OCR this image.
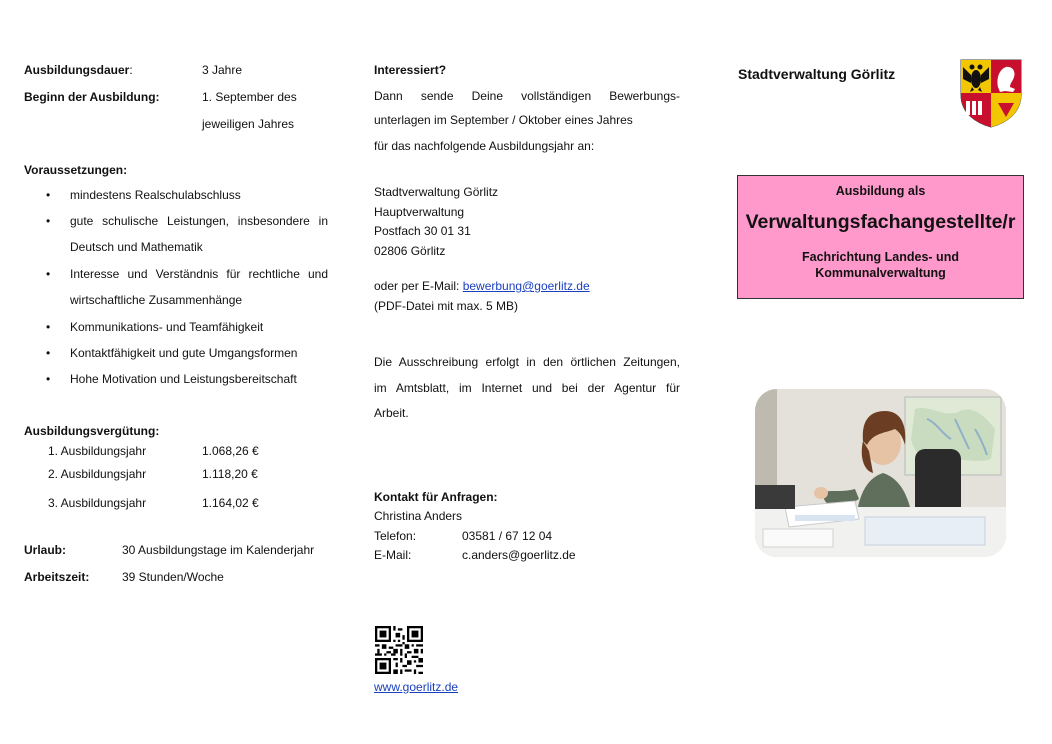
Ausbildungsdauer:	3 Jahre
Beginn der Ausbildung:	1. September des
jeweiligen Jahres
Voraussetzungen:
• mindestens Realschulabschluss
• gute schulische Leistungen, insbesondere in Deutsch und Mathematik
• Interesse und Verständnis für rechtliche und wirtschaftliche Zusammenhänge
• Kommunikations- und Teamfähigkeit
• Kontaktfähigkeit und gute Umgangsformen
• Hohe Motivation und Leistungsbereitschaft
Ausbildungsvergütung:
1. Ausbildungsjahr	1.068,26 €
2. Ausbildungsjahr	1.118,20 €
3. Ausbildungsjahr	1.164,02 €
Urlaub:	30 Ausbildungstage im Kalenderjahr
Arbeitszeit:	39 Stunden/Woche
Interessiert?
Dann sende Deine vollständigen Bewerbungs-
unterlagen im September / Oktober eines Jahres
für das nachfolgende Ausbildungsjahr an:
Stadtverwaltung Görlitz
Hauptverwaltung
Postfach 30 01 31
02806 Görlitz
oder per E-Mail: bewerbung@goerlitz.de
(PDF-Datei mit max. 5 MB)
Die Ausschreibung erfolgt in den örtlichen Zeitungen,
im Amtsblatt, im Internet und bei der Agentur für
Arbeit.
Kontakt für Anfragen:
Christina Anders
Telefon:	03581 / 67 12 04
E-Mail:	c.anders@goerlitz.de
www.goerlitz.de
Stadtverwaltung Görlitz
Ausbildung als
Verwaltungsfachangestellte/r
Fachrichtung Landes- und
Kommunalverwaltung
